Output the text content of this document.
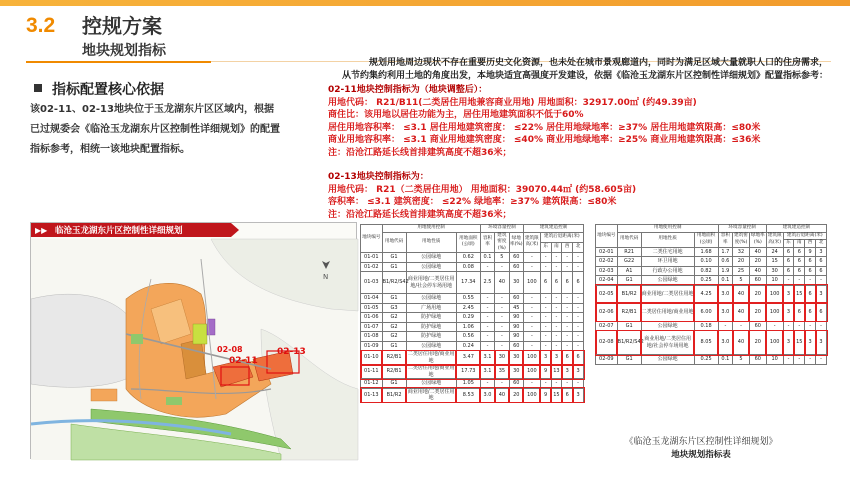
3.2 控规方案
地块规划指标
指标配置核心依据
该02-11、02-13地块位于玉龙湖东片区区域内，根据已过规委会《临沧玉龙湖东片区控制性详细规划》的配置指标参考，相统一该地块配置指标。
规划用地周边现状不存在重要历史文化资源，也未处在城市景观廊道内，同时为满足区域大量就职人口的住房需求，
从节约集约利用土地的角度出发，本地块适宜高强度开发建设，依据《临沧玉龙湖东片区控制性详细规划》配置指标参考：
02-11地块控制指标为（地块调整后）：
用地代码： R21/B11(二类居住用地兼容商业用地) 用地面积：32917.00㎡ (约49.39亩)
商住比：该用地以居住功能为主，居住用地建筑面积不低于60%
居住用地容积率： ≤3.1 居住用地建筑密度： ≤22% 居住用地绿地率：≥37% 居住用地建筑限高：≤80米
商业用地容积率： ≤3.1 商业用地建筑密度： ≤40% 商业用地绿地率：≥25% 商业用地建筑限高：≤36米
注：沿沧江路延长线首排建筑高度不超36米；
02-13地块控制指标为：
用地代码： R21（二类居住用地） 用地面积：39070.44㎡ (约58.605亩)
容积率： ≤3.1 建筑密度： ≤22% 绿地率：≥37% 建筑限高：≤80米
注：沿沧江路延长线首排建筑高度不超36米；
▶▶ 临沧玉龙湖东片区控制性详细规划
N
02-08
02-11
02-13
地块编号	用地使用控制			环境容量控制			建筑建造控制				
	用地代码	用地性质	用地面积(公顷)	容积率	建筑密度(%)	绿地率(%)	建筑限高(米)	建筑后退距离(米)			
								东	南	西	北
01-01	G1	公园绿地	0.62	0.1	5	60	-	-	-	-	-
01-02	G1	公园绿地	0.08	-	-	60	-	-	-	-	-
01-03	B1/R2/S42	商业用地/二类居住用地/社会停车场用地	17.34	2.5	40	30	100	6	6	6	6
01-04	G1	公园绿地	0.55	-	-	60	-	-	-	-	-
01-05	G3	广场用地	2.45	-	-	45	-	-	-	-	-
01-06	G2	防护绿地	0.29	-	-	90	-	-	-	-	-
01-07	G2	防护绿地	1.06	-	-	90	-	-	-	-	-
01-08	G2	防护绿地	0.56	-	-	90	-	-	-	-	-
01-09	G1	公园绿地	0.24	-	-	60	-	-	-	-	-
01-10	R2/B1	二类居住用地/商业用地	3.47	3.1	30	30	100	3	3	6	6
01-11	R2/B1	二类居住用地/商业用地	17.73	3.1	35	30	100	9	13	3	3
01-12	G1	公园绿地	1.05	-	-	60	-	-	-	-	-
01-13	B1/R2	商业用地/二类居住用地	8.53	3.0	40	20	100	9	15	6	3
地块编号	用地使用控制			环境容量控制			建筑建造控制				
	用地代码	用地性质	用地面积(公顷)	容积率	建筑密度(%)	绿地率(%)	建筑限高(米)	建筑后退距离(米)			
								东	南	西	北
02-01	R21	二类住宅用地	1.68	1.7	32	40	24	6	6	9	3
02-02	G22	环卫用地	0.10	0.6	20	20	15	6	6	6	6
02-03	A1	行政办公用地	0.82	1.9	25	40	30	6	6	6	6
02-04	G1	公园绿地	0.25	0.1	5	60	10	-	-	-	-
02-05	B1/R2	商业用地/二类居住用地	4.25	3.0	40	20	100	3	15	6	3
02-06	R2/B1	二类居住用地/商业用地	6.00	3.0	40	20	100	3	6	6	6
02-07	G1	公园绿地	0.18	-	-	60	-	-	-	-	-
02-08	B1/R2/S42	商业用地/二类居住用地/社会停车场用地	8.05	3.0	40	20	100	3	15	3	3
02-09	G1	公园绿地	0.25	0.1	5	60	10	-	-	-	-
《临沧玉龙湖东片区控制性详细规划》
地块规划指标表
